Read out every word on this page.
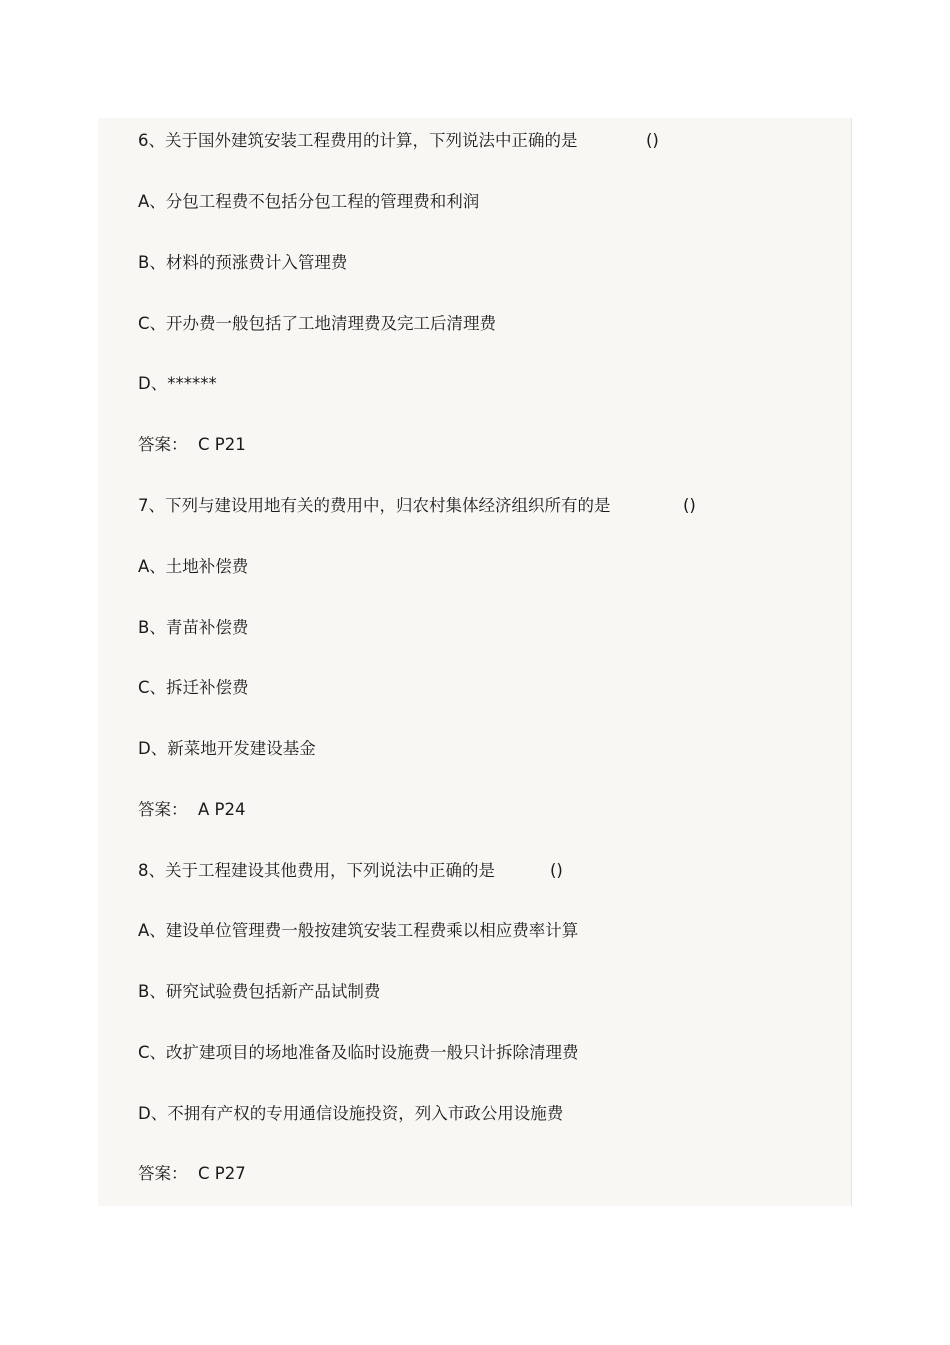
6、关于国外建筑安装工程费用的计算，下列说法中正确的是	()
A、分包工程费不包括分包工程的管理费和利润
B、材料的预涨费计入管理费
C、开办费一般包括了工地清理费及完工后清理费
D、******
答案：  C P21
7、下列与建设用地有关的费用中，归农村集体经济组织所有的是	()
A、土地补偿费
B、青苗补偿费
C、拆迁补偿费
D、新菜地开发建设基金
答案：  A P24
8、关于工程建设其他费用，下列说法中正确的是	()
A、建设单位管理费一般按建筑安装工程费乘以相应费率计算
B、研究试验费包括新产品试制费
C、改扩建项目的场地准备及临时设施费一般只计拆除清理费
D、不拥有产权的专用通信设施投资，列入市政公用设施费
答案：  C P27
